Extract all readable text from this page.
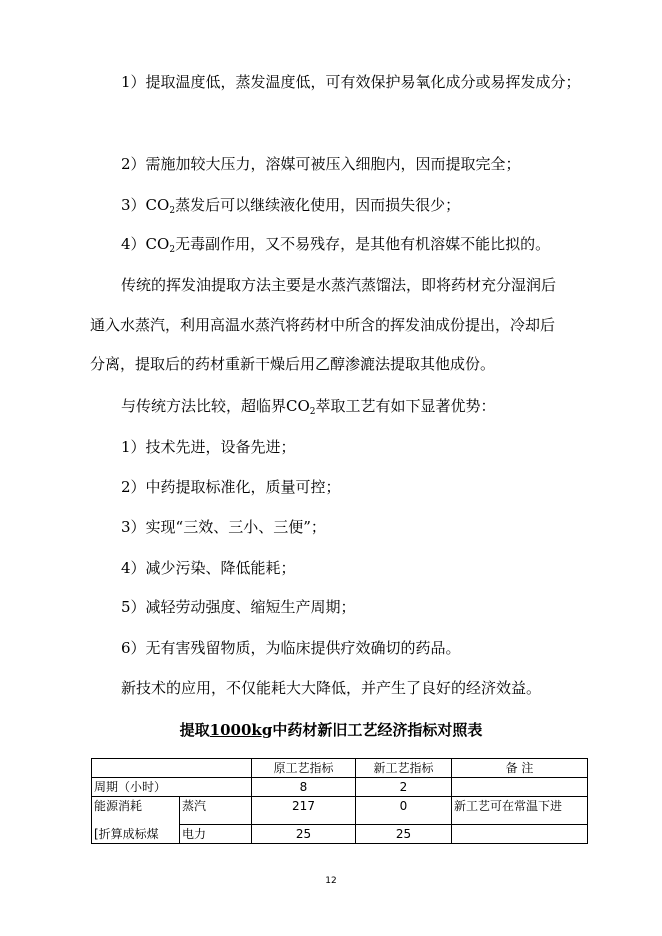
1）提取温度低，蒸发温度低，可有效保护易氧化成分或易挥发成分；
2）需施加较大压力，溶媒可被压入细胞内，因而提取完全；
$3)CO_2$蒸发后可以继续液化使用，因而损失很少；
$4)CO_2$无毒副作用，又不易残存，是其他有机溶媒不能比拟的。
传统的挥发油提取方法主要是水蒸汽蒸馏法，即将药材充分湿润后
通入水蒸汽，利用高温水蒸汽将药材中所含的挥发油成份提出，冷却后
分离，提取后的药材重新干燥后用乙醇渗漉法提取其他成份。
与传统方法比较，超临界$CO_2$萃取工艺有如下显著优势：
1）技术先进，设备先进；
2）中药提取标准化，质量可控；
3）实现“三效、三小、三便”；
4）减少污染、降低能耗；
5）减轻劳动强度、缩短生产周期；
6）无有害残留物质，为临床提供疗效确切的药品。
新技术的应用，不仅能耗大大降低，并产生了良好的经济效益。
提取1000kg中药材新旧工艺经济指标对照表
		原工艺指标	新工艺指标	备 注
周期（小时）		8	2	
能源消耗	蒸汽	217	0	新工艺可在常温下进
[折算成标煤	电力	25	25	
12
